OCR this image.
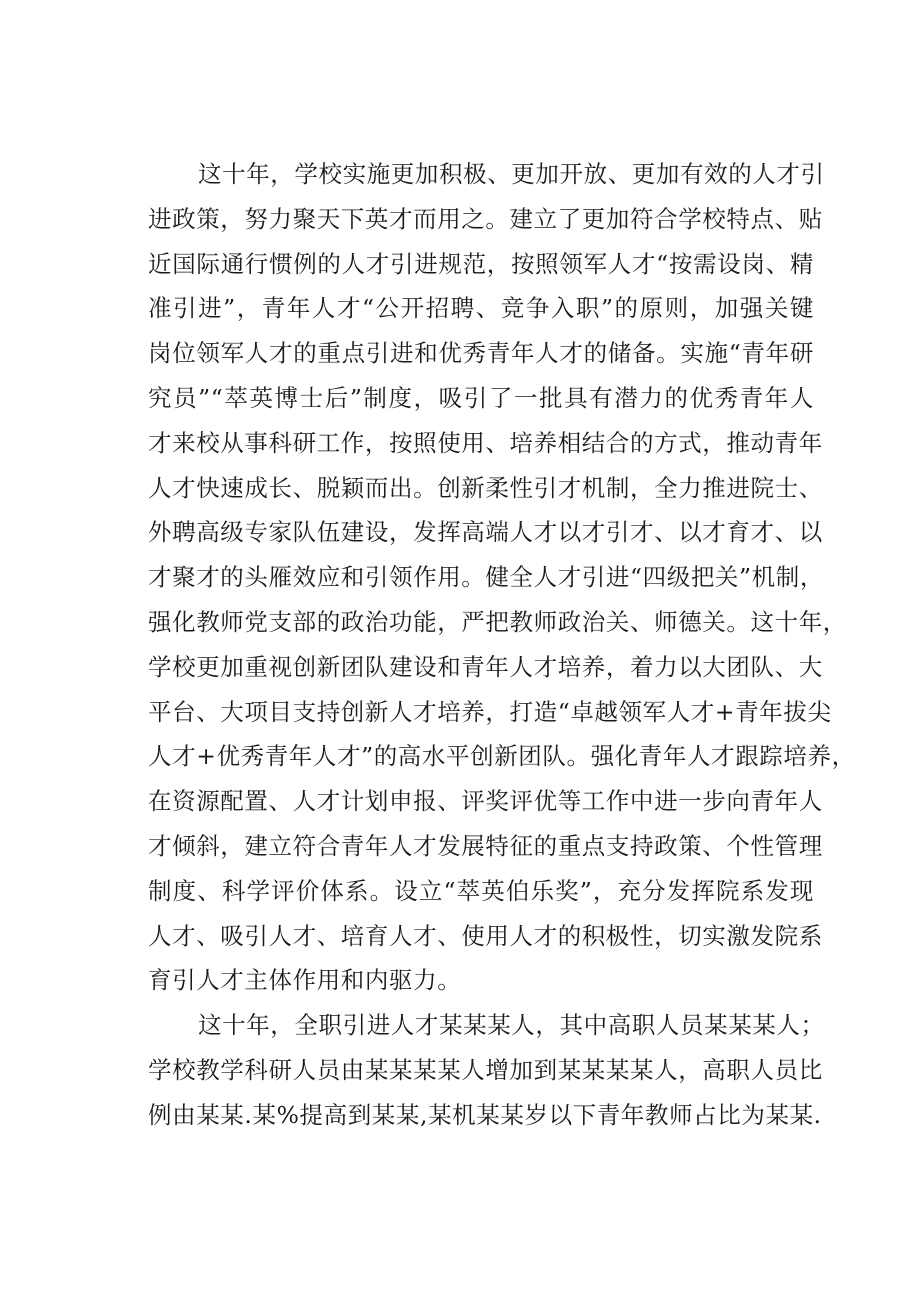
这十年，学校实施更加积极、更加开放、更加有效的人才引
进政策，努力聚天下英才而用之。建立了更加符合学校特点、贴
近国际通行惯例的人才引进规范，按照领军人才“按需设岗、精
准引进”，青年人才“公开招聘、竞争入职”的原则，加强关键
岗位领军人才的重点引进和优秀青年人才的储备。实施“青年研
究员”“萃英博士后”制度，吸引了一批具有潜力的优秀青年人
才来校从事科研工作，按照使用、培养相结合的方式，推动青年
人才快速成长、脱颖而出。创新柔性引才机制，全力推进院士、
外聘高级专家队伍建设，发挥高端人才以才引才、以才育才、以
才聚才的头雁效应和引领作用。健全人才引进“四级把关”机制，
强化教师党支部的政治功能，严把教师政治关、师德关。这十年，
学校更加重视创新团队建设和青年人才培养，着力以大团队、大
平台、大项目支持创新人才培养，打造“卓越领军人才+青年拔尖
人才+优秀青年人才”的高水平创新团队。强化青年人才跟踪培养，
在资源配置、人才计划申报、评奖评优等工作中进一步向青年人
才倾斜，建立符合青年人才发展特征的重点支持政策、个性管理
制度、科学评价体系。设立“萃英伯乐奖”，充分发挥院系发现
人才、吸引人才、培育人才、使用人才的积极性，切实激发院系
育引人才主体作用和内驱力。
这十年，全职引进人才某某某人，其中高职人员某某某人；
学校教学科研人员由某某某某人增加到某某某某人，高职人员比
例由某某.某%提高到某某,某机某某岁以下青年教师占比为某某.
